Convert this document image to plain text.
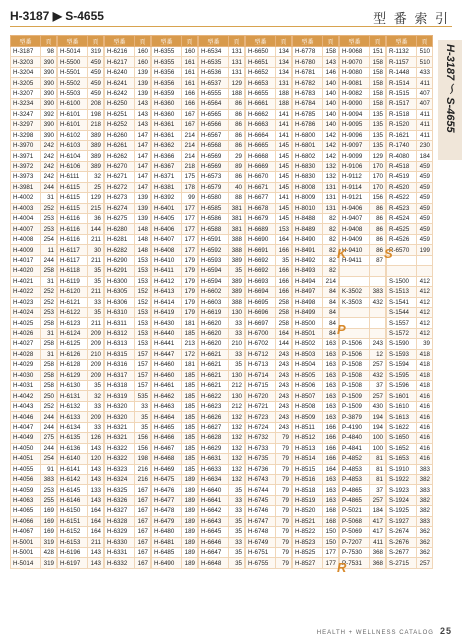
H-3187 ▶ S-4655	型 番 索 引
H-3187 ～ S-4655
型番	頁
H-3187	98
H-3203	390
H-3204	390
H-3205	390
H-3207	390
H-3234	390
H-3247	392
H-3297	390
H-3298	390
H-3970	242
H-3971	242
H-3972	242
H-3973	242
H-3981	244
H-4002	31
H-4003	252
H-4004	253
H-4007	253
H-4008	254
H-4009	11
H-4017	244
H-4020	258
H-4021	31
H-4022	252
H-4023	252
H-4024	253
H-4025	258
H-4026	31
H-4027	258
H-4028	31
H-4029	258
H-4030	258
H-4031	258
H-4042	250
H-4043	252
H-4046	244
H-4047	244
H-4049	275
H-4050	244
H-4051	254
H-4055	91
H-4056	383
H-4059	253
H-4063	255
H-4065	169
H-4066	169
H-4067	169
H-5001	319
H-5001	428
H-5014	319
型番	頁
H-5014	319
H-5500	459
H-5501	459
H-5502	459
H-5503	459
H-6100	208
H-6101	198
H-6101	218
H-6102	389
H-6103	389
H-6104	389
H-6106	389
H-6111	32
H-6115	25
H-6115	129
H-6115	215
H-6116	36
H-6116	144
H-6116	211
H-6117	30
H-6117	211
H-6118	35
H-6119	35
H-6120	211
H-6121	33
H-6122	35
H-6123	211
H-6124	209
H-6125	209
H-6126	210
H-6128	209
H-6129	209
H-6130	35
H-6131	32
H-6132	33
H-6133	209
H-6134	33
H-6135	126
H-6136	143
H-6140	120
H-6141	143
H-6142	143
H-6145	133
H-6146	143
H-6150	164
H-6151	164
H-6152	164
H-6153	211
H-6196	143
H-6197	143
型番	頁
H-6216	160
H-6217	160
H-6240	139
H-6241	139
H-6242	139
H-6250	143
H-6251	143
H-6252	143
H-6260	147
H-6261	147
H-6262	147
H-6270	147
H-6271	147
H-6272	147
H-6273	139
H-6274	139
H-6275	139
H-6280	148
H-6281	148
H-6282	148
H-6290	153
H-6291	153
H-6300	153
H-6305	152
H-6306	152
H-6310	153
H-6311	153
H-6312	153
H-6313	153
H-6315	157
H-6316	157
H-6317	157
H-6318	157
H-6319	535
H-6320	33
H-6320	35
H-6321	35
H-6321	156
H-6322	156
H-6322	198
H-6323	216
H-6324	216
H-6325	167
H-6326	167
H-6327	167
H-6328	167
H-6329	167
H-6330	167
H-6331	167
H-6332	167
型番	頁
H-6355	160
H-6355	161
H-6356	161
H-6356	161
H-6359	166
H-6360	166
H-6360	167
H-6361	167
H-6361	214
H-6362	214
H-6366	214
H-6367	218
H-6371	175
H-6381	178
H-6392	99
H-6401	177
H-6405	177
H-6406	177
H-6407	177
H-6408	177
H-6410	179
H-6411	179
H-6412	179
H-6413	179
H-6414	179
H-6419	179
H-6430	181
H-6440	185
H-6441	213
H-6447	172
H-6460	181
H-6460	185
H-6461	185
H-6462	185
H-6463	185
H-6464	185
H-6465	185
H-6466	185
H-6467	185
H-6468	185
H-6469	185
H-6475	189
H-6476	189
H-6477	189
H-6478	189
H-6479	189
H-6480	189
H-6481	189
H-6485	189
H-6490	189
型番	頁
H-6534	131
H-6535	131
H-6536	131
H-6537	129
H-6555	188
H-6564	86
H-6565	86
H-6566	86
H-6567	86
H-6568	86
H-6569	29
H-6569	89
H-6573	86
H-6579	40
H-6580	88
H-6585	381
H-6586	381
H-6588	381
H-6591	388
H-6592	388
H-6593	389
H-6594	35
H-6594	389
H-6602	389
H-6603	388
H-6619	130
H-6620	33
H-6620	33
H-6620	210
H-6621	33
H-6621	35
H-6621	130
H-6621	212
H-6622	130
H-6623	212
H-6626	132
H-6627	132
H-6628	132
H-6629	132
H-6631	132
H-6633	132
H-6634	132
H-6640	35
H-6641	33
H-6642	33
H-6643	35
H-6645	35
H-6646	33
H-6647	35
H-6648	35
型番	頁
H-6650	134
H-6651	134
H-6652	134
H-6653	131
H-6655	188
H-6661	188
H-6662	141
H-6663	141
H-6664	141
H-6665	145
H-6668	145
H-6669	145
H-6670	145
H-6671	145
H-6677	141
H-6678	145
H-6679	145
H-6689	153
H-6690	164
H-6691	166
H-6692	35
H-6692	166
H-6693	166
H-6694	166
H-6695	258
H-6696	258
H-6697	258
H-6700	164
H-6702	144
H-6712	243
H-6713	243
H-6714	243
H-6715	243
H-6720	243
H-6721	243
H-6723	243
H-6724	243
H-6732	79
H-6733	79
H-6735	79
H-6736	79
H-6743	79
H-6744	79
H-6745	79
H-6746	79
H-6747	79
H-6748	79
H-6749	79
H-6751	79
H-6755	79
型番	頁
H-6778	158
H-6780	143
H-6781	146
H-6782	140
H-6783	140
H-6784	140
H-6785	140
H-6786	140
H-6800	142
H-6801	142
H-6802	142
H-6830	132
H-6830	132
H-8008	131
H-8009	131
H-8010	131
H-8488	82
H-8489	82
H-8490	82
H-8491	82
H-8492	82
H-8493	82
H-8494	214
H-8497	84
H-8498	84
H-8499	84
H-8500	84
H-8501	84
H-8502	163
H-8503	163
H-8504	163
H-8505	163
H-8506	163
H-8507	163
H-8508	163
H-8509	163
H-8511	166
H-8512	166
H-8513	166
H-8514	166
H-8515	164
H-8516	163
H-8518	163
H-8519	163
H-8520	168
H-8521	168
H-8522	150
H-8523	150
H-8525	177
H-8527	177
型番	頁
H-9068	151
H-9070	158
H-9080	158
H-9081	158
H-9082	158
H-9090	158
H-9094	135
H-9095	135
H-9096	135
H-9097	135
H-9099	129
H-9106	170
H-9112	170
H-9114	170
H-9121	156
H-9406	86
H-9407	86
H-9408	86
H-9409	86
H-9410	86
H-9411	87

K-3502	383
K-3503	432

P-1506	243
P-1506	12
P-1508	257
P-1508	432
P-1508	37
P-1509	257
P-1509	430
P-3879	194
P-4190	194
P-4840	100
P-4841	100
P-4852	81
P-4853	81
P-4853	81
P-4865	37
P-4865	257
P-5021	184
P-5068	417
P-5069	417
P-7207	411
P-7530	368
P-7531	368
型番	頁
R-1132	510
R-1157	510
R-1448	433
R-1514	411
R-1515	407
R-1517	407
R-1518	411
R-1520	411
R-1621	411
R-1740	230
R-4080	184
R-4518	459
R-4519	459
R-4520	459
R-4522	459
R-4523	459
R-4524	459
R-4525	459
R-4526	459
R-6570	199

S-1500	412
S-1513	412
S-1541	412
S-1544	412
S-1557	412
S-1572	412
S-1590	39
S-1593	418
S-1594	418
S-1595	418
S-1596	418
S-1601	416
S-1610	416
S-1613	416
S-1622	416
S-1650	416
S-1652	416
S-1653	416
S-1910	383
S-1922	382
S-1923	383
S-1924	382
S-1925	382
S-1927	383
S-2674	362
S-2676	362
S-2677	362
S-2715	257
K	S
P
R
HEALTH + WELLNESS CATALOG 25
